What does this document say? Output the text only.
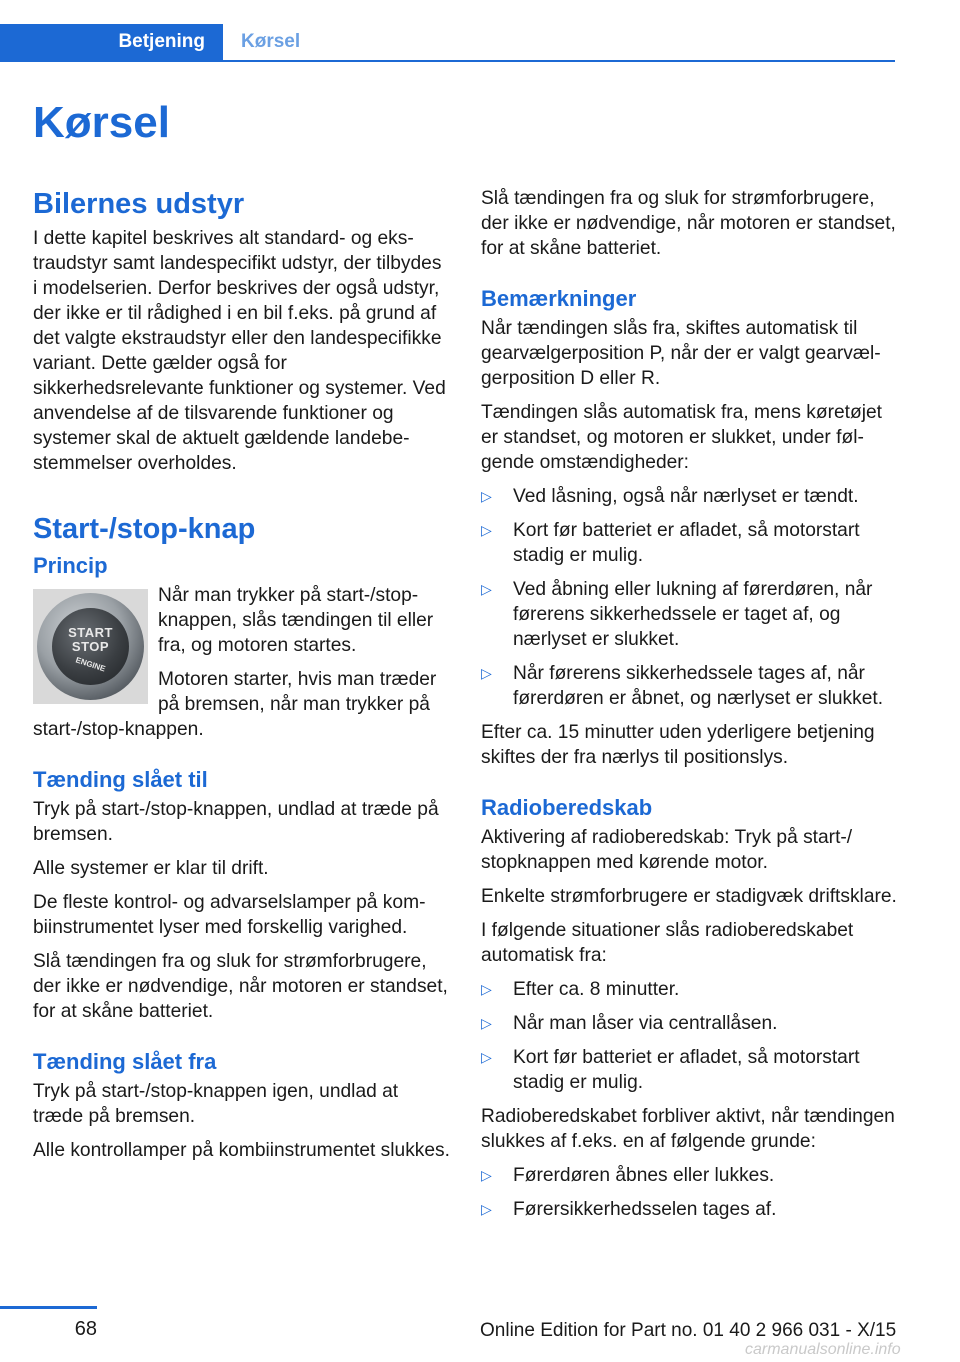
Betjening	Kørsel
Kørsel
Bilernes udstyr

I dette kapitel beskrives alt standard- og ekstraudstyr samt landespecifikt udstyr, der tilbydes i modelserien. Derfor beskrives der også udstyr, der ikke er til rådighed i en bil f.eks. på grund af det valgte ekstraudstyr eller den landespecifikke variant. Dette gælder også for sikkerhedsrelevante funktioner og systemer. Ved anvendelse af de tilsvarende funktioner og systemer skal de aktuelt gældende landebestemmelser overholdes.

Start-/stop-knap
Princip
START
STOP
ENGINE

Når man trykker på start-/stop-knappen, slås tændingen til eller fra, og motoren startes.

Motoren starter, hvis man træder på bremsen, når man trykker på start-/stop-knappen.

Tænding slået til

Tryk på start-/stop-knappen, undlad at træde på bremsen.

Alle systemer er klar til drift.

De fleste kontrol- og advarselslamper på kombiinstrumentet lyser med forskellig varighed.

Slå tændingen fra og sluk for strømforbrugere, der ikke er nødvendige, når motoren er standset, for at skåne batteriet.

Tænding slået fra

Tryk på start-/stop-knappen igen, undlad at træde på bremsen.

Alle kontrollamper på kombiinstrumentet slukkes.

Slå tændingen fra og sluk for strømforbrugere, der ikke er nødvendige, når motoren er standset, for at skåne batteriet.

Bemærkninger

Når tændingen slås fra, skiftes automatisk til gearvælgerposition P, når der er valgt gearvælgerposition D eller R.

Tændingen slås automatisk fra, mens køretøjet er standset, og motoren er slukket, under følgende omstændigheder:

▷ Ved låsning, også når nærlyset er tændt.
▷ Kort før batteriet er afladet, så motorstart stadig er mulig.
▷ Ved åbning eller lukning af førerdøren, når førerens sikkerhedssele er taget af, og nærlyset er slukket.
▷ Når førerens sikkerhedssele tages af, når førerdøren er åbnet, og nærlyset er slukket.

Efter ca. 15 minutter uden yderligere betjening skiftes der fra nærlys til positionslys.

Radioberedskab

Aktivering af radioberedskab: Tryk på start-/ stopknappen med kørende motor.

Enkelte strømforbrugere er stadigvæk driftsklare.

I følgende situationer slås radioberedskabet automatisk fra:

▷ Efter ca. 8 minutter.
▷ Når man låser via centrallåsen.
▷ Kort før batteriet er afladet, så motorstart stadig er mulig.

Radioberedskabet forbliver aktivt, når tændingen slukkes af f.eks. en af følgende grunde:

▷ Førerdøren åbnes eller lukkes.
▷ Førersikkerhedsselen tages af.
68	Online Edition for Part no. 01 40 2 966 031 - X/15
carmanualsonline.info
